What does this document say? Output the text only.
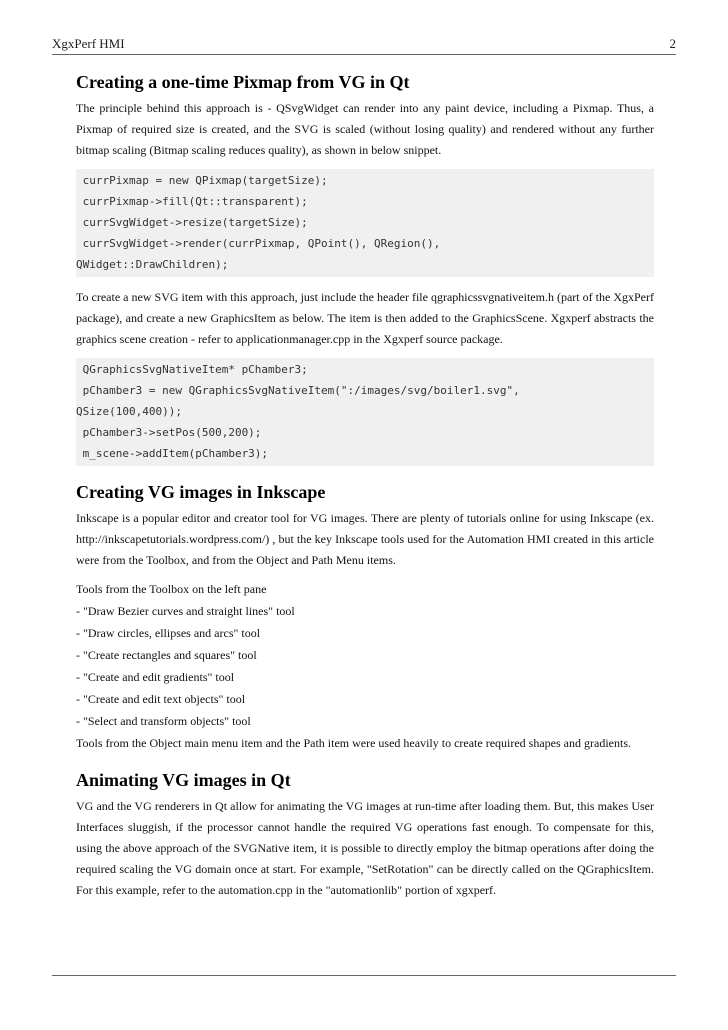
XgxPerf HMI	2
Creating a one-time Pixmap from VG in Qt

The principle behind this approach is - QSvgWidget can render into any paint device, including a Pixmap. Thus, a Pixmap of required size is created, and the SVG is scaled (without losing quality) and rendered without any further bitmap scaling (Bitmap scaling reduces quality), as shown in below snippet.

currPixmap = new QPixmap(targetSize);
currPixmap->fill(Qt::transparent);
currSvgWidget->resize(targetSize);
currSvgWidget->render(currPixmap, QPoint(), QRegion(),
QWidget::DrawChildren);

To create a new SVG item with this approach, just include the header file qgraphicssvgnativeitem.h (part of the XgxPerf package), and create a new GraphicsItem as below. The item is then added to the GraphicsScene. Xgxperf abstracts the graphics scene creation - refer to applicationmanager.cpp in the Xgxperf source package.

QGraphicsSvgNativeItem* pChamber3;
pChamber3 = new QGraphicsSvgNativeItem(":/images/svg/boiler1.svg",
QSize(100,400));
pChamber3->setPos(500,200);
m_scene->addItem(pChamber3);
Creating VG images in Inkscape

Inkscape is a popular editor and creator tool for VG images. There are plenty of tutorials online for using Inkscape (ex. http://inkscapetutorials.wordpress.com/) , but the key Inkscape tools used for the Automation HMI created in this article were from the Toolbox, and from the Object and Path Menu items.

Tools from the Toolbox on the left pane

- "Draw Bezier curves and straight lines" tool

- "Draw circles, ellipses and arcs" tool

- "Create rectangles and squares" tool

- "Create and edit gradients" tool

- "Create and edit text objects" tool

- "Select and transform objects" tool

Tools from the Object main menu item and the Path item were used heavily to create required shapes and gradients.

Animating VG images in Qt

VG and the VG renderers in Qt allow for animating the VG images at run-time after loading them. But, this makes User Interfaces sluggish, if the processor cannot handle the required VG operations fast enough. To compensate for this, using the above approach of the SVGNative item, it is possible to directly employ the bitmap operations after doing the required scaling the VG domain once at start. For example, "SetRotation" can be directly called on the QGraphicsItem. For this example, refer to the automation.cpp in the "automationlib" portion of xgxperf.
